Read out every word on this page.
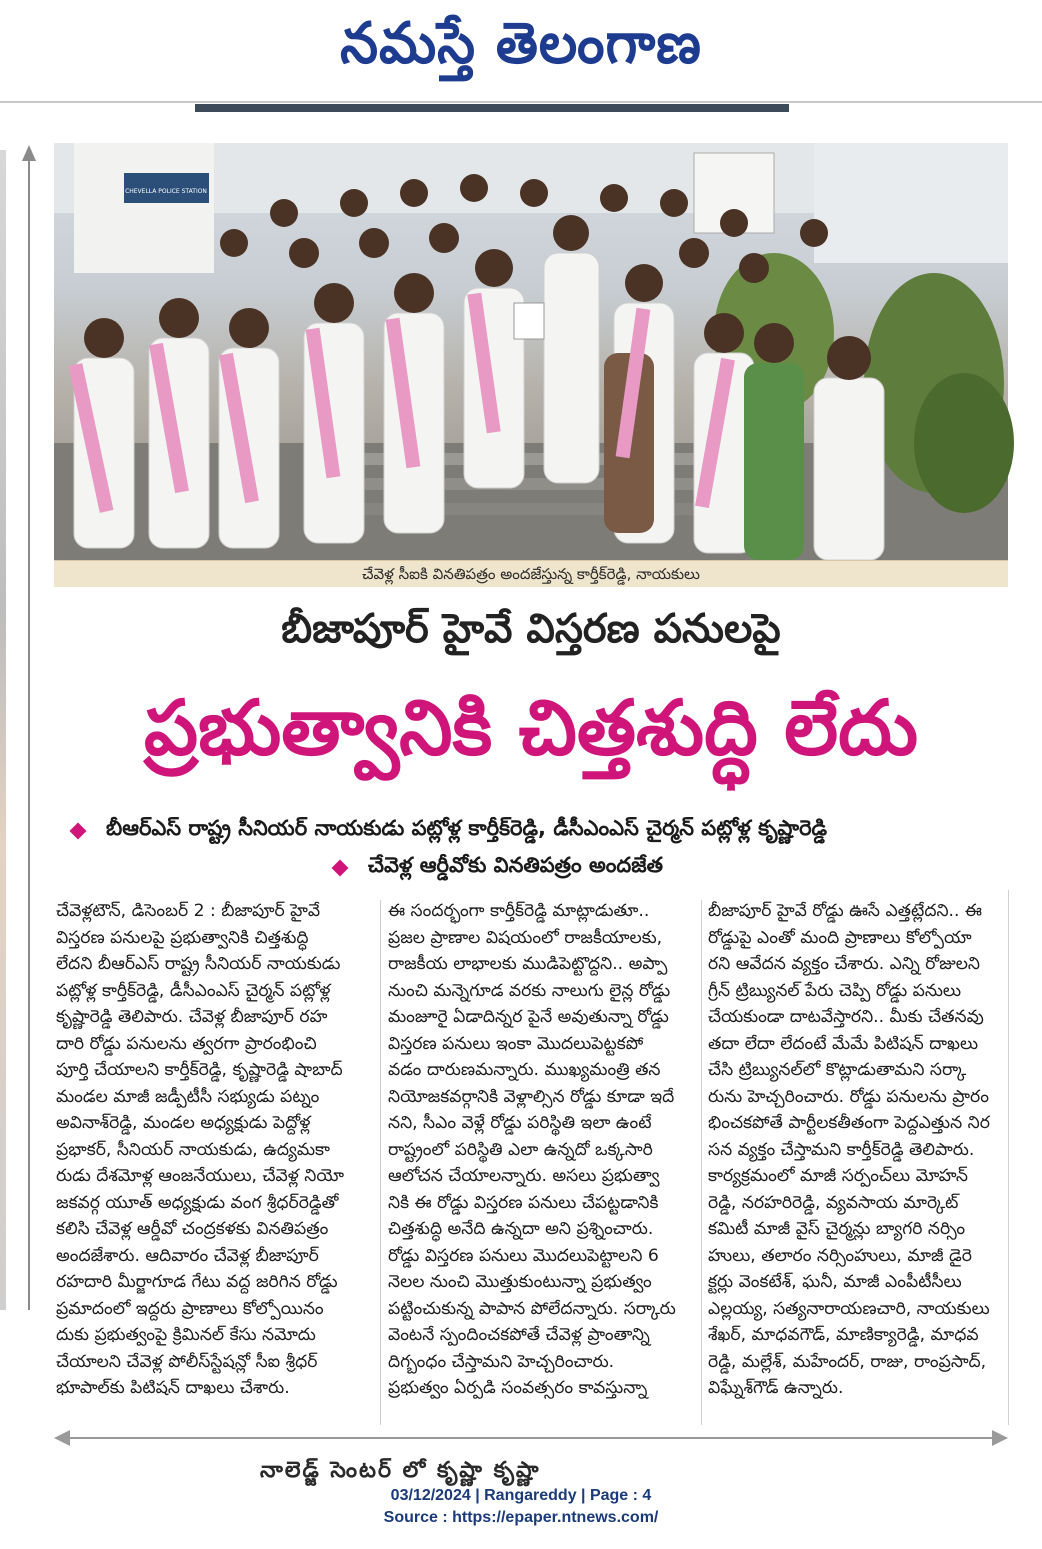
నమస్తే తెలంగాణ
CHEVELLA POLICE STATION
చేవెళ్ల సీఐకి వినతిపత్రం అందజేస్తున్న కార్తీక్‌రెడ్డి, నాయకులు
బీజాపూర్‌ హైవే విస్తరణ పనులపై
ప్రభుత్వానికి చిత్తశుద్ధి లేదు
బీఆర్‌ఎస్‌ రాష్ట్ర సీనియర్‌ నాయకుడు పట్లోళ్ల కార్తీక్‌రెడ్డి, డీసీఎంఎస్‌ చైర్మన్‌ పట్లోళ్ల కృష్ణారెడ్డి
చేవెళ్ల ఆర్డీవోకు వినతిపత్రం అందజేత
చేవెళ్లటౌన్‌, డిసెంబర్‌ 2 : బీజాపూర్‌ హైవే
విస్తరణ పనులపై ప్రభుత్వానికి చిత్తశుద్ధి
లేదని బీఆర్‌ఎస్‌ రాష్ట్ర సీనియర్‌ నాయకుడు
పట్లోళ్ల కార్తీక్‌రెడ్డి, డీసీఎంఎస్‌ చైర్మన్‌ పట్లోళ్ల
కృష్ణారెడ్డి తెలిపారు. చేవెళ్ల బీజాపూర్‌ రహ
దారి రోడ్డు పనులను త్వరగా ప్రారంభించి
పూర్తి చేయాలని కార్తీక్‌రెడ్డి, కృష్ణారెడ్డి షాబాద్‌
మండల మాజీ జడ్పీటీసీ సభ్యుడు పట్నం
అవినాశ్‌రెడ్డి, మండల అధ్యక్షుడు పెద్దోళ్ల
ప్రభాకర్‌, సీనియర్‌ నాయకుడు, ఉద్యమకా
రుడు దేశమోళ్ల ఆంజనేయులు, చేవెళ్ల నియో
జకవర్గ యూత్‌ అధ్యక్షుడు వంగ శ్రీధర్‌రెడ్డితో
కలిసి చేవెళ్ల ఆర్డీవో చంద్రకళకు వినతిపత్రం
అందజేశారు. ఆదివారం చేవెళ్ల బీజాపూర్‌
రహదారి మీర్జాగూడ గేటు వద్ద జరిగిన రోడ్డు
ప్రమాదంలో ఇద్దరు ప్రాణాలు కోల్పోయినం
దుకు ప్రభుత్వంపై క్రిమినల్‌ కేసు నమోదు
చేయాలని చేవెళ్ల పోలీస్‌స్టేషన్లో సీఐ శ్రీధర్‌
భూపాల్‌కు పిటిషన్‌ దాఖలు చేశారు.
ఈ సందర్భంగా కార్తీక్‌రెడ్డి మాట్లాడుతూ..
ప్రజల ప్రాణాల విషయంలో రాజకీయాలకు,
రాజకీయ లాభాలకు ముడిపెట్టొద్దని.. అప్పా
నుంచి మన్నెగూడ వరకు నాలుగు లైన్ల రోడ్డు
మంజూరై ఏడాదిన్నర పైనే అవుతున్నా రోడ్డు
విస్తరణ పనులు ఇంకా మొదలుపెట్టకపో
వడం దారుణమన్నారు. ముఖ్యమంత్రి తన
నియోజకవర్గానికి వెళ్లాల్సిన రోడ్డు కూడా ఇదే
నని, సీఎం వెళ్లే రోడ్డు పరిస్థితి ఇలా ఉంటే
రాష్ట్రంలో పరిస్థితి ఎలా ఉన్నదో ఒక్కసారి
ఆలోచన చేయాలన్నారు. అసలు ప్రభుత్వా
నికి ఈ రోడ్డు విస్తరణ పనులు చేపట్టడానికి
చిత్తశుద్ధి అనేది ఉన్నదా అని ప్రశ్నించారు.
రోడ్డు విస్తరణ పనులు మొదలుపెట్టాలని 6
నెలల నుంచి మొత్తుకుంటున్నా ప్రభుత్వం
పట్టించుకున్న పాపాన పోలేదన్నారు. సర్కారు
వెంటనే స్పందించకపోతే చేవెళ్ల ప్రాంతాన్ని
దిగ్బంధం చేస్తామని హెచ్చరించారు.
ప్రభుత్వం ఏర్పడి సంవత్సరం కావస్తున్నా
బీజాపూర్‌ హైవే రోడ్డు ఊసే ఎత్తట్లేదని.. ఈ
రోడ్డుపై ఎంతో మంది ప్రాణాలు కోల్పోయా
రని ఆవేదన వ్యక్తం చేశారు. ఎన్ని రోజులని
గ్రీన్‌ ట్రిబ్యునల్‌ పేరు చెప్పి రోడ్డు పనులు
చేయకుండా దాటవేస్తారని.. మీకు చేతనవు
తదా లేదా లేదంటే మేమే పిటిషన్‌ దాఖలు
చేసి ట్రిబ్యునల్‌లో కొట్లాడుతామని సర్కా
రును హెచ్చరించారు. రోడ్డు పనులను ప్రారం
భించకపోతే పార్టీలకతీతంగా పెద్దఎత్తున నిర
సన వ్యక్తం చేస్తామని కార్తీక్‌రెడ్డి తెలిపారు.
కార్యక్రమంలో మాజీ సర్పంచ్‌లు మోహన్‌
రెడ్డి, నరహరిరెడ్డి, వ్యవసాయ మార్కెట్‌
కమిటీ మాజీ వైస్‌ చైర్మన్లు బ్యాగరి నర్సిం
హులు, తలారం నర్సింహులు, మాజీ డైరె
క్టర్లు వెంకటేశ్‌, ఘనీ, మాజీ ఎంపీటీసీలు
ఎల్లయ్య, సత్యనారాయణచారి, నాయకులు
శేఖర్‌, మాధవగౌడ్‌, మాణిక్యారెడ్డి, మాధవ
రెడ్డి, మల్లేశ్‌, మహేందర్‌, రాజు, రాంప్రసాద్‌,
విఘ్నేశ్‌గౌడ్‌ ఉన్నారు.
నాలెడ్జ్‌ సెంటర్‌ లో కృష్ణా కృష్ణా
03/12/2024 | Rangareddy | Page : 4
Source : https://epaper.ntnews.com/
